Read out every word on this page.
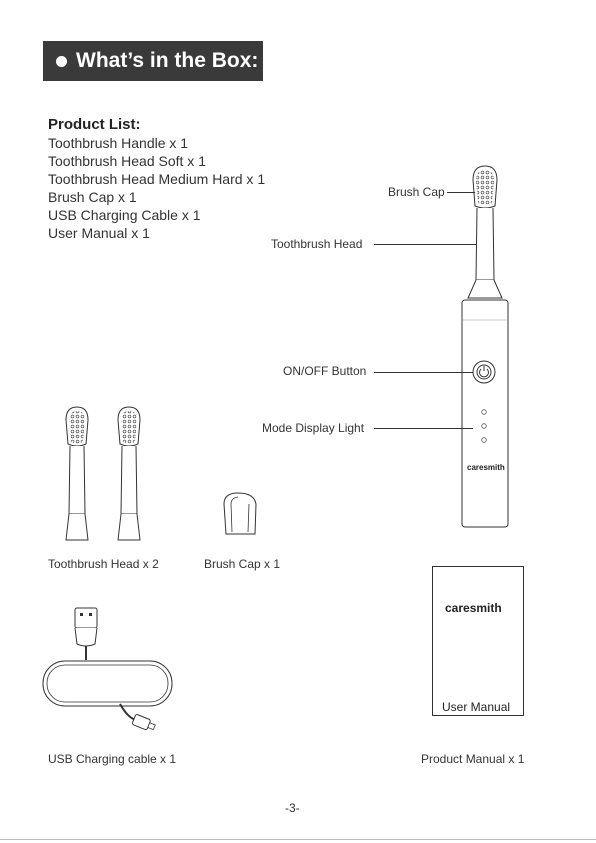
What’s in the Box:
Product List:
Toothbrush Handle x 1
Toothbrush Head Soft x 1
Toothbrush Head Medium Hard x 1
Brush Cap x 1
USB Charging Cable x 1
User Manual x 1
caresmith
Brush Cap
Toothbrush Head
ON/OFF Button
Mode Display Light
Toothbrush Head x 2	Brush Cap x 1
USB Charging cable x 1
caresmith
User Manual
Product Manual x 1
-3-
